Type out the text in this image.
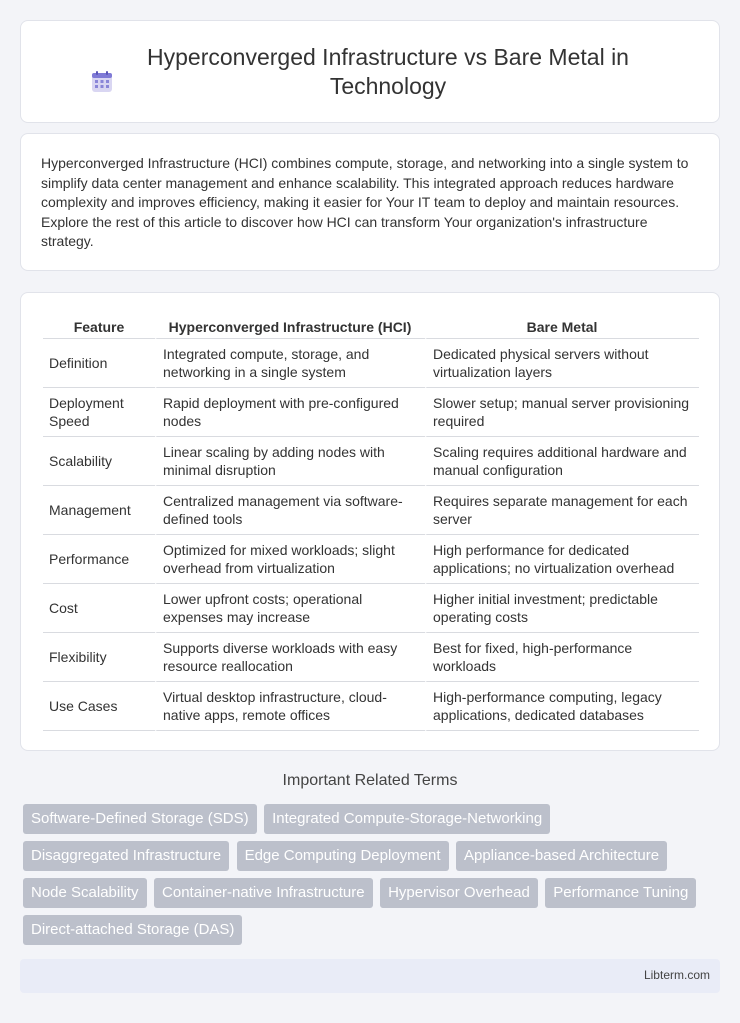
Hyperconverged Infrastructure vs Bare Metal in Technology

Hyperconverged Infrastructure (HCI) combines compute, storage, and networking into a single system to simplify data center management and enhance scalability. This integrated approach reduces hardware complexity and improves efficiency, making it easier for Your IT team to deploy and maintain resources. Explore the rest of this article to discover how HCI can transform Your organization's infrastructure strategy.

Feature	Hyperconverged Infrastructure (HCI)	Bare Metal
Definition	Integrated compute, storage, and networking in a single system	Dedicated physical servers without virtualization layers
Deployment Speed	Rapid deployment with pre-configured nodes	Slower setup; manual server provisioning required
Scalability	Linear scaling by adding nodes with minimal disruption	Scaling requires additional hardware and manual configuration
Management	Centralized management via software-defined tools	Requires separate management for each server
Performance	Optimized for mixed workloads; slight overhead from virtualization	High performance for dedicated applications; no virtualization overhead
Cost	Lower upfront costs; operational expenses may increase	Higher initial investment; predictable operating costs
Flexibility	Supports diverse workloads with easy resource reallocation	Best for fixed, high-performance workloads
Use Cases	Virtual desktop infrastructure, cloud-native apps, remote offices	High-performance computing, legacy applications, dedicated databases
Important Related Terms
Software-Defined Storage (SDS) Integrated Compute-Storage-Networking Disaggregated Infrastructure Edge Computing Deployment Appliance-based Architecture Node Scalability Container-native Infrastructure Hypervisor Overhead Performance Tuning Direct-attached Storage (DAS)
Libterm.com
